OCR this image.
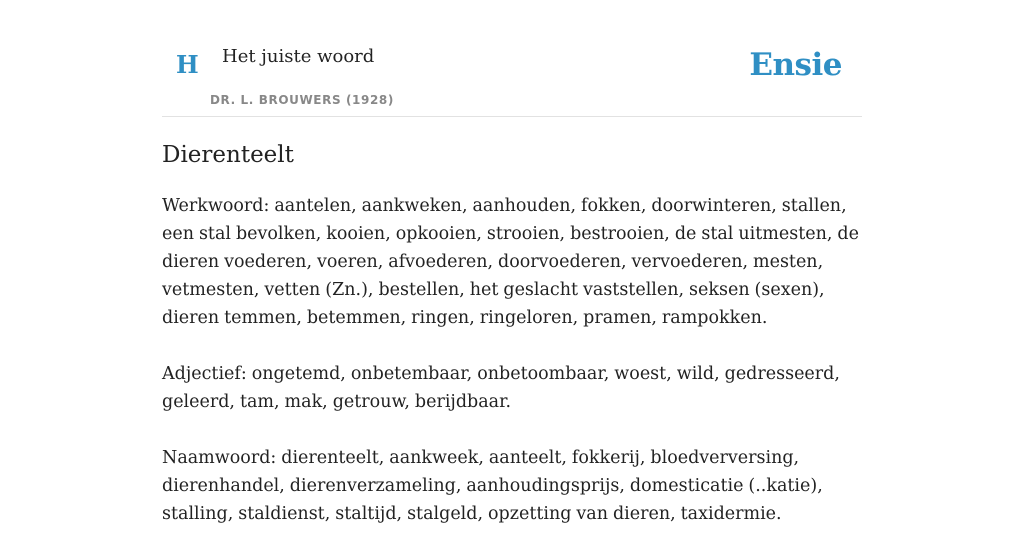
H Het juiste woord
DR. L. BROUWERS (1928)
Ensie
Dierenteelt

Werkwoord: aantelen, aankweken, aanhouden, fokken, doorwinteren, stallen, een stal bevolken, kooien, opkooien, strooien, bestrooien, de stal uitmesten, de dieren voederen, voeren, afvoederen, doorvoederen, vervoederen, mesten, vetmesten, vetten (Zn.), bestellen, het geslacht vaststellen, seksen (sexen), dieren temmen, betemmen, ringen, ringeloren, pramen, rampokken.

Adjectief: ongetemd, onbetembaar, onbetoombaar, woest, wild, gedresseerd, geleerd, tam, mak, getrouw, berijdbaar.

Naamwoord: dierenteelt, aankweek, aanteelt, fokkerij, bloedverversing, dierenhandel, dierenverzameling, aanhoudingsprijs, domesticatie (..katie), stalling, staldienst, staltijd, stalgeld, opzetting van dieren, taxidermie.
